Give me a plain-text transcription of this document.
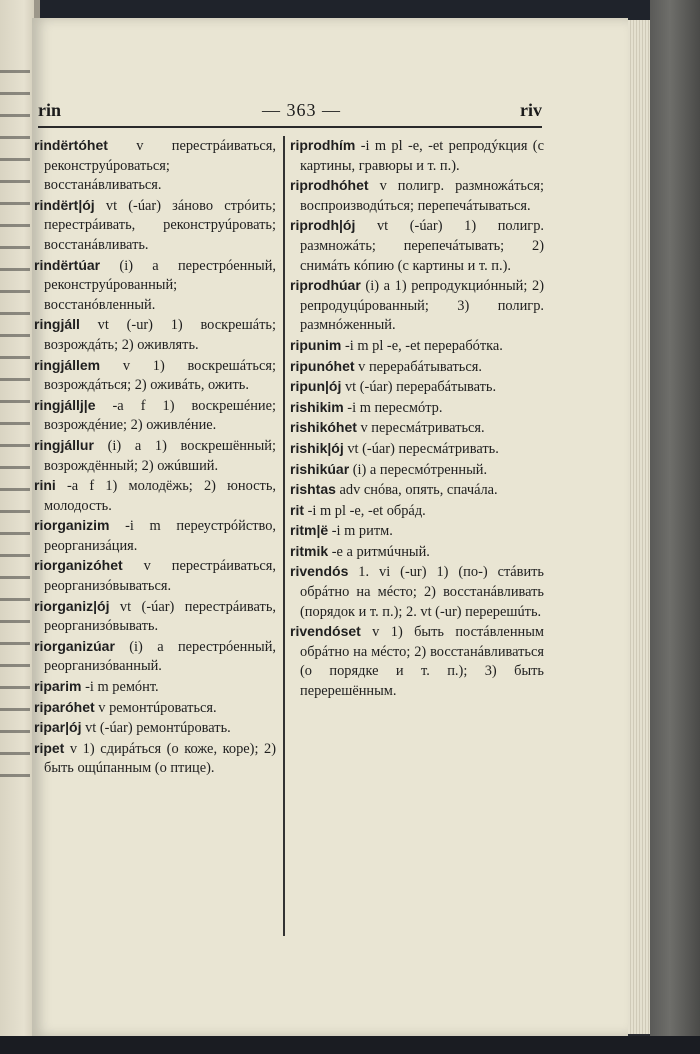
rin	— 363 —	riv

rindërtóhet v перестрáиваться, реконструúроваться; восстанáвливаться.

rindërt|ój vt (-úar) зáново стрóить; перестрáивать, реконструúровать; восстанáвливать.

rindërtúar (i) a перестрóенный, реконструúрованный; восстанóвленный.

ringjáll vt (-ur) 1) воскрешáть; возрождáть; 2) оживлять.

ringjállem v 1) воскрешáться; возрождáться; 2) оживáть, ожить.

ringjállj|e -a f 1) воскрешéние; возрождéние; 2) оживлéние.

ringjállur (i) a 1) воскрешённый; возрождённый; 2) ожúвший.

rini -a f 1) молодёжь; 2) юность, молодость.

riorganizim -i m переустрóйство, реорганизáция.

riorganizóhet v перестрáиваться, реорганизóвываться.

riorganiz|ój vt (-úar) перестрáивать, реорганизóвывать.

riorganizúar (i) a перестрóенный, реорганизóванный.

riparim -i m ремóнт.

riparóhet v ремонтúроваться.

ripar|ój vt (-úar) ремонтúровать.

ripet v 1) сдирáться (о коже, коре); 2) быть ощúпанным (о птице).

riprodhím -i m pl -e, -et репродýкция (с картины, гравюры и т. п.).

riprodhóhet v полигр. размножáться; воспроизводúться; перепечáтываться.

riprodh|ój vt (-úar) 1) полигр. размножáть; перепечáтывать; 2) снимáть кóпию (с картины и т. п.).

riprodhúar (i) a 1) репродукциóнный; 2) репродуцúрованный; 3) полигр. размнóженный.

ripunim -i m pl -e, -et перерабóтка.

ripunóhet v перерабáтываться.

ripun|ój vt (-úar) перерабáтывать.

rishikim -i m пересмóтр.

rishikóhet v пересмáтриваться.

rishik|ój vt (-úar) пересмáтривать.

rishikúar (i) a пересмóтренный.

rishtas adv снóва, опять, спачáла.

rit -i m pl -e, -et обрáд.

ritm|ë -i m ритм.

ritmik -e a ритмúчный.

rivendós 1. vi (-ur) 1) (по-) стáвить обрáтно на мéсто; 2) восстанáвливать (порядок и т. п.); 2. vt (-ur) перерешúть.

rivendóset v 1) быть постáвленным обрáтно на мéсто; 2) восстанáвливаться (о порядке и т. п.); 3) быть перерешённым.
